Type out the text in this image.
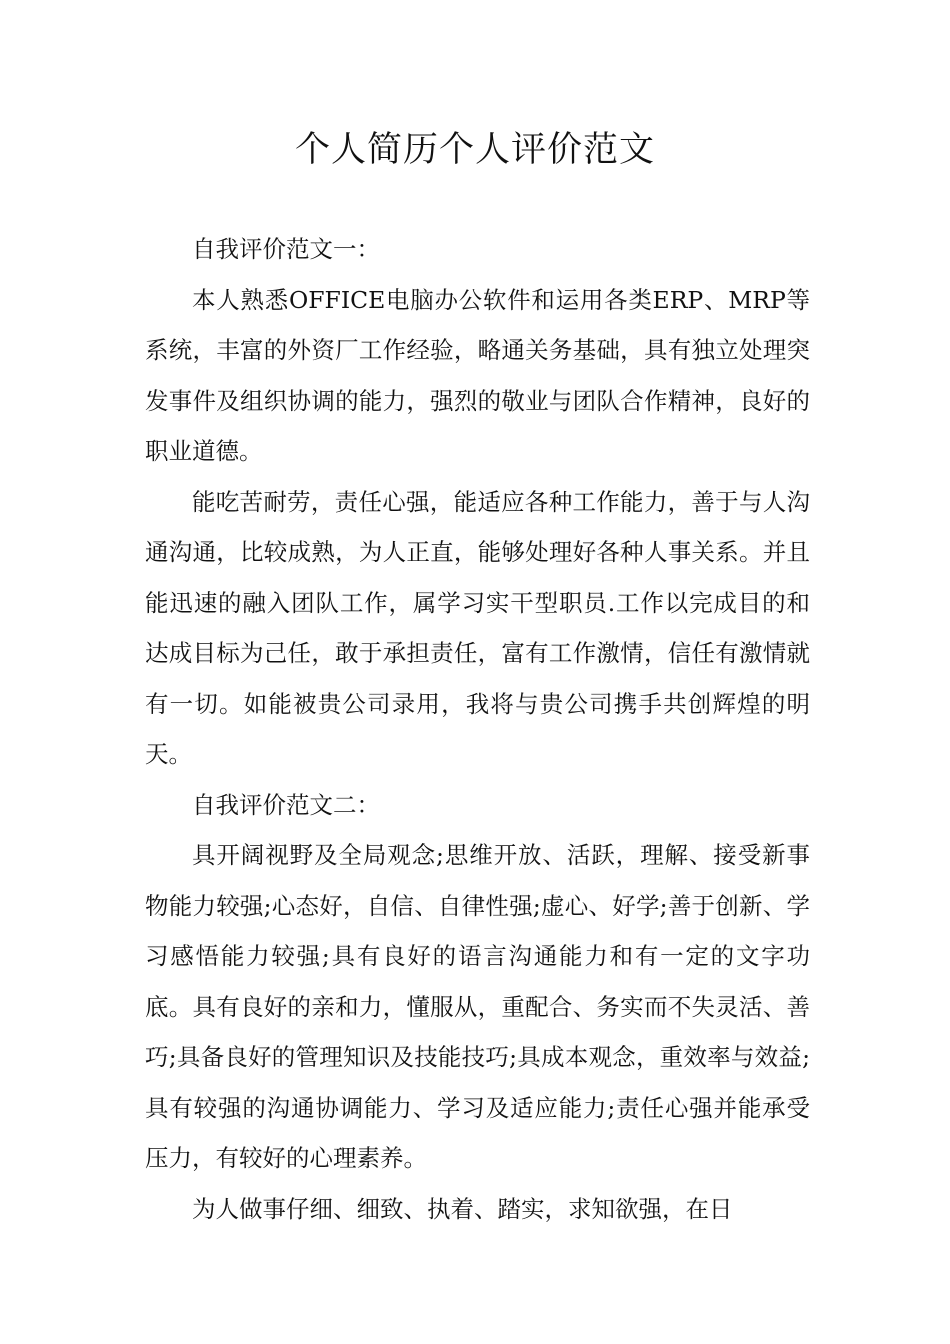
个人简历个人评价范文

自我评价范文一：

本人熟悉OFFICE电脑办公软件和运用各类ERP、MRP等系统，丰富的外资厂工作经验，略通关务基础，具有独立处理突发事件及组织协调的能力，强烈的敬业与团队合作精神，良好的职业道德。

能吃苦耐劳，责任心强，能适应各种工作能力，善于与人沟通沟通，比较成熟，为人正直，能够处理好各种人事关系。并且能迅速的融入团队工作，属学习实干型职员.工作以完成目的和达成目标为己任，敢于承担责任，富有工作激情，信任有激情就有一切。如能被贵公司录用，我将与贵公司携手共创辉煌的明天。

自我评价范文二：

具开阔视野及全局观念;思维开放、活跃，理解、接受新事物能力较强;心态好，自信、自律性强;虚心、好学;善于创新、学习感悟能力较强;具有良好的语言沟通能力和有一定的文字功底。具有良好的亲和力，懂服从，重配合、务实而不失灵活、善巧;具备良好的管理知识及技能技巧;具成本观念，重效率与效益;具有较强的沟通协调能力、学习及适应能力;责任心强并能承受压力，有较好的心理素养。

为人做事仔细、细致、执着、踏实，求知欲强，在日
